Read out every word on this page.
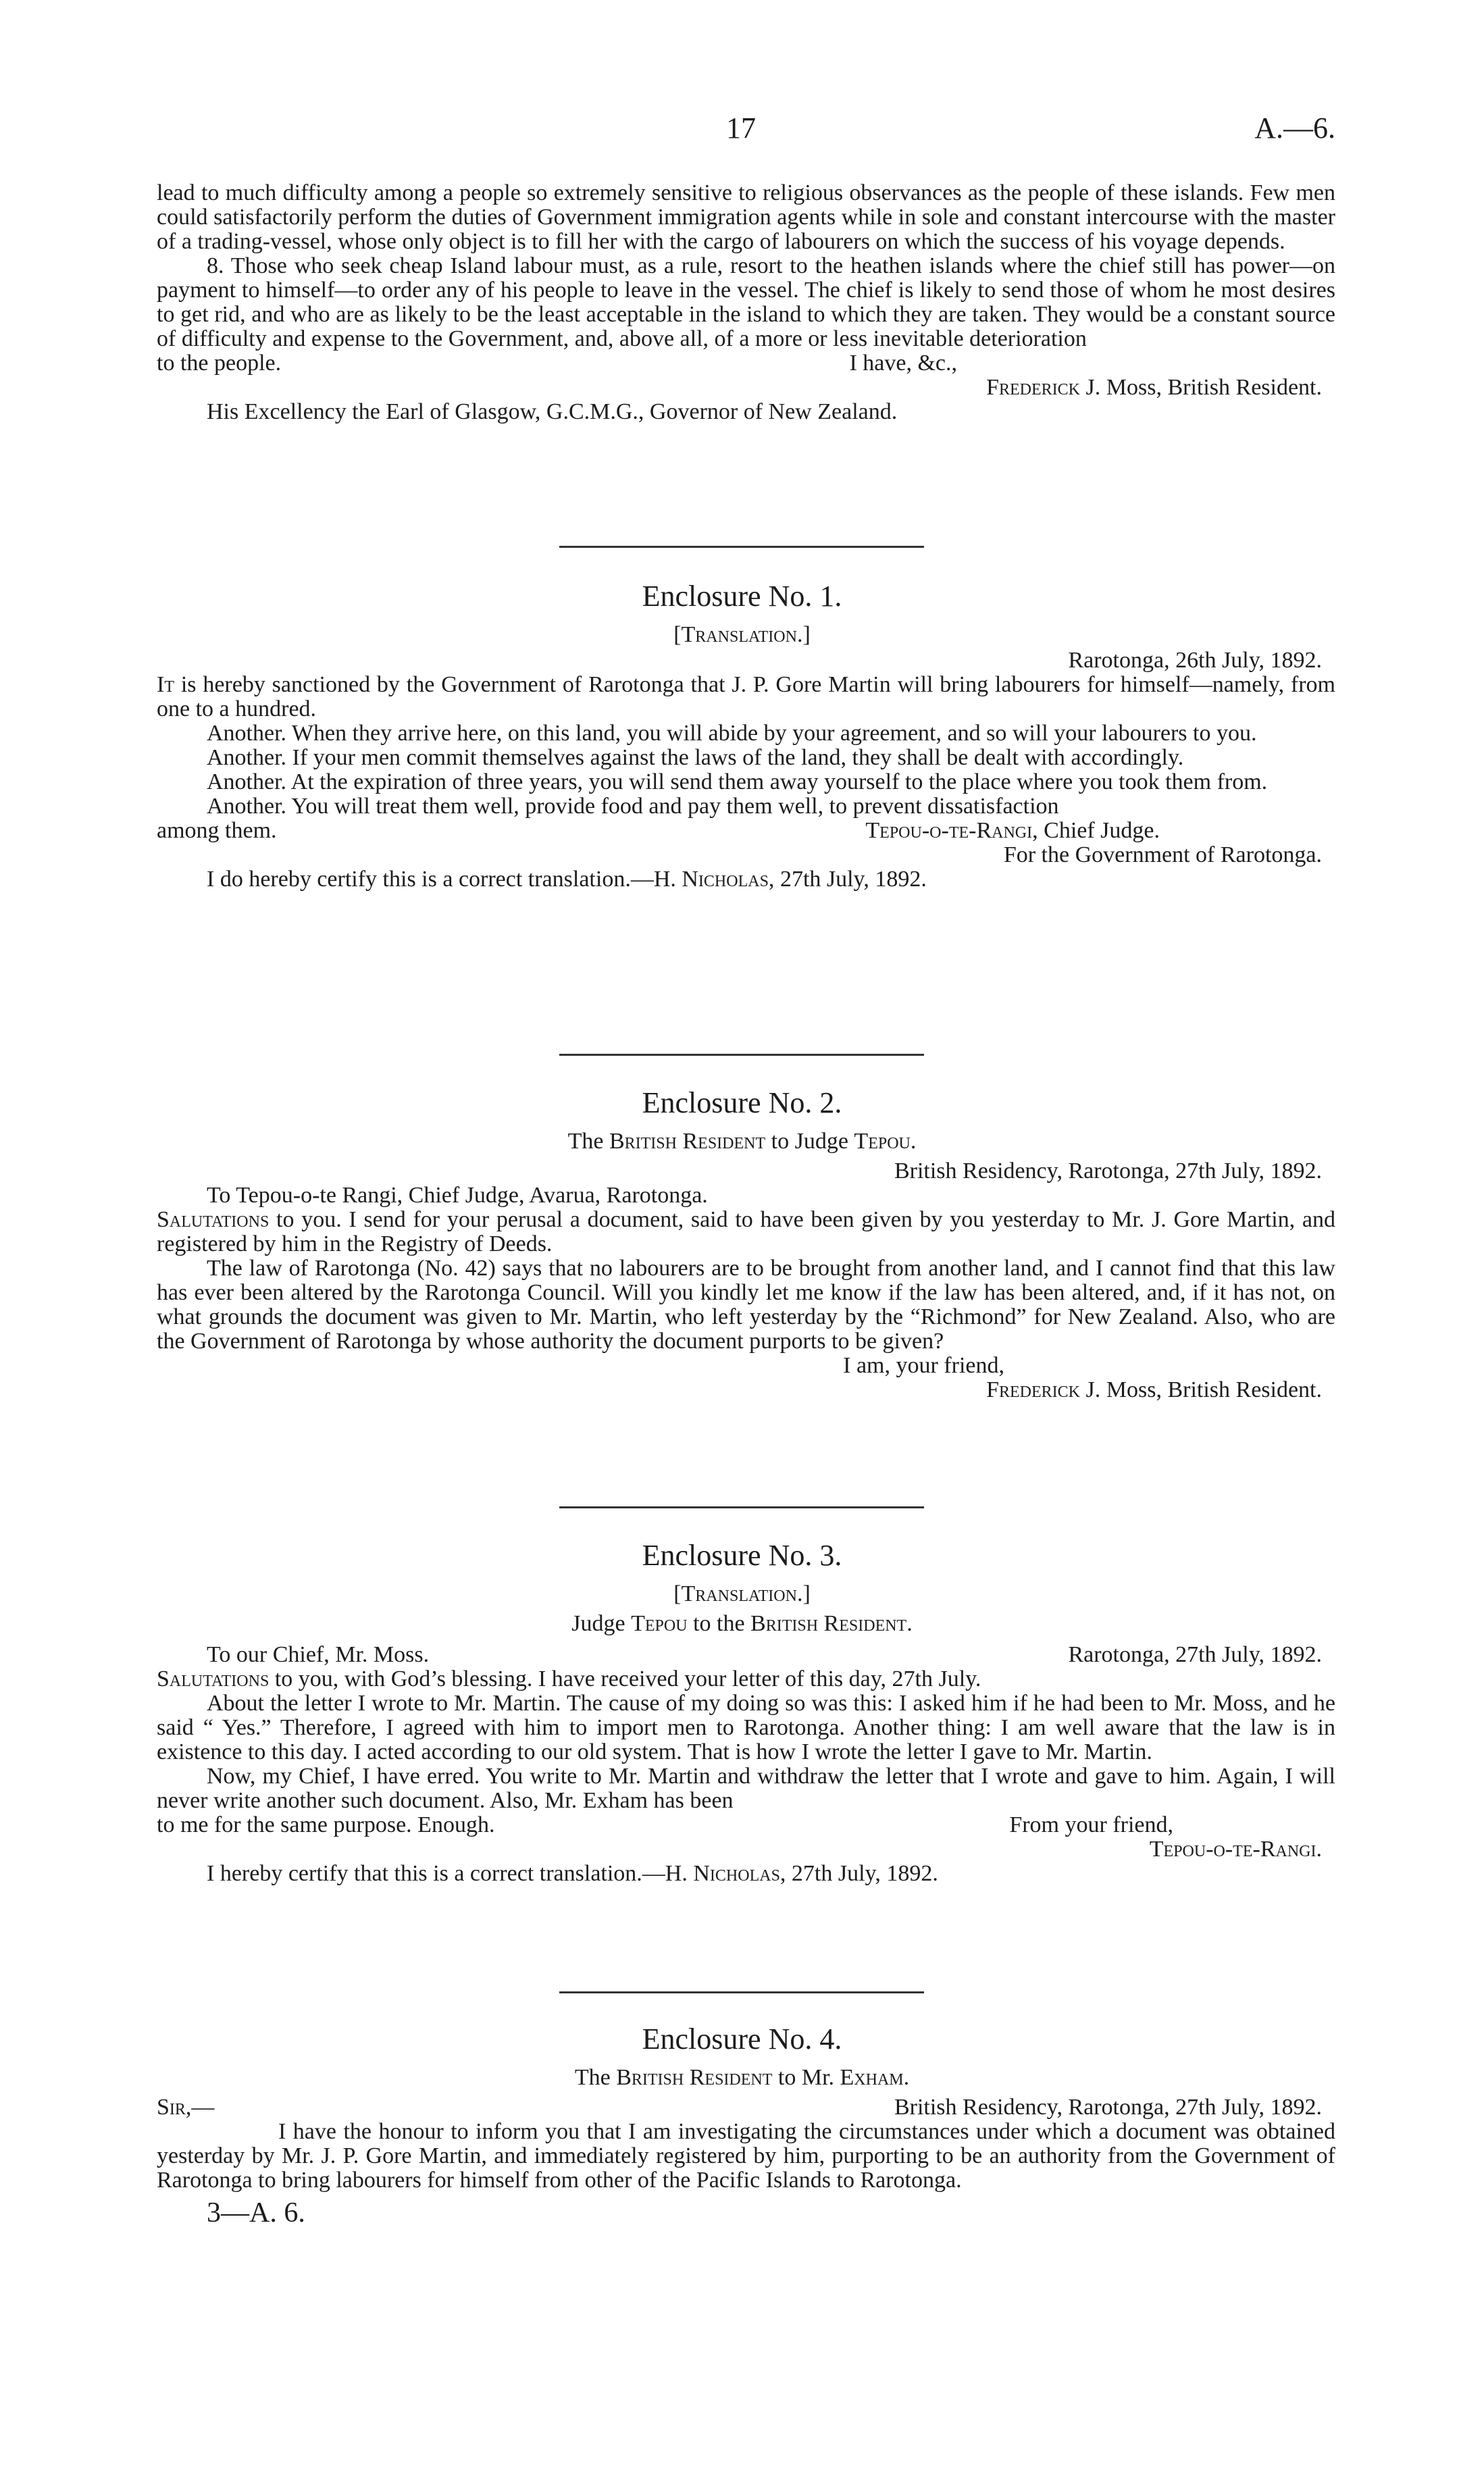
17	A.—6.

lead to much difficulty among a people so extremely sensitive to religious observances as the people of these islands. Few men could satisfactorily perform the duties of Government immigration agents while in sole and constant intercourse with the master of a trading-vessel, whose only object is to fill her with the cargo of labourers on which the success of his voyage depends.

8. Those who seek cheap Island labour must, as a rule, resort to the heathen islands where the chief still has power—on payment to himself—to order any of his people to leave in the vessel. The chief is likely to send those of whom he most desires to get rid, and who are as likely to be the least acceptable in the island to which they are taken. They would be a constant source of difficulty and expense to the Government, and, above all, of a more or less inevitable deterioration

to the people.	I have, &c.,

Frederick J. Moss, British Resident.

His Excellency the Earl of Glasgow, G.C.M.G., Governor of New Zealand.

Enclosure No. 1.
[Translation.]

Rarotonga, 26th July, 1892.

It is hereby sanctioned by the Government of Rarotonga that J. P. Gore Martin will bring labourers for himself—namely, from one to a hundred.

Another. When they arrive here, on this land, you will abide by your agreement, and so will your labourers to you.

Another. If your men commit themselves against the laws of the land, they shall be dealt with accordingly.

Another. At the expiration of three years, you will send them away yourself to the place where you took them from.

Another. You will treat them well, provide food and pay them well, to prevent dissatisfaction

among them.	Tepou-o-te-Rangi, Chief Judge.

For the Government of Rarotonga.

I do hereby certify this is a correct translation.—H. Nicholas, 27th July, 1892.

Enclosure No. 2.
The British Resident to Judge Tepou.

British Residency, Rarotonga, 27th July, 1892.

To Tepou-o-te Rangi, Chief Judge, Avarua, Rarotonga.

Salutations to you. I send for your perusal a document, said to have been given by you yesterday to Mr. J. Gore Martin, and registered by him in the Registry of Deeds.

The law of Rarotonga (No. 42) says that no labourers are to be brought from another land, and I cannot find that this law has ever been altered by the Rarotonga Council. Will you kindly let me know if the law has been altered, and, if it has not, on what grounds the document was given to Mr. Martin, who left yesterday by the “Richmond” for New Zealand. Also, who are the Government of Rarotonga by whose authority the document purports to be given?

I am, your friend,

Frederick J. Moss, British Resident.

Enclosure No. 3.
[Translation.]
Judge Tepou to the British Resident.
To our Chief, Mr. Moss.	Rarotonga, 27th July, 1892.

Salutations to you, with God’s blessing. I have received your letter of this day, 27th July.

About the letter I wrote to Mr. Martin. The cause of my doing so was this: I asked him if he had been to Mr. Moss, and he said “ Yes.” Therefore, I agreed with him to import men to Rarotonga. Another thing: I am well aware that the law is in existence to this day. I acted according to our old system. That is how I wrote the letter I gave to Mr. Martin.

Now, my Chief, I have erred. You write to Mr. Martin and withdraw the letter that I wrote and gave to him. Again, I will never write another such document. Also, Mr. Exham has been

to me for the same purpose. Enough.	From your friend,

Tepou-o-te-Rangi.

I hereby certify that this is a correct translation.—H. Nicholas, 27th July, 1892.

Enclosure No. 4.
The British Resident to Mr. Exham.
Sir,—	British Residency, Rarotonga, 27th July, 1892.

I have the honour to inform you that I am investigating the circumstances under which a document was obtained yesterday by Mr. J. P. Gore Martin, and immediately registered by him, purporting to be an authority from the Government of Rarotonga to bring labourers for himself from other of the Pacific Islands to Rarotonga.

3—A. 6.
